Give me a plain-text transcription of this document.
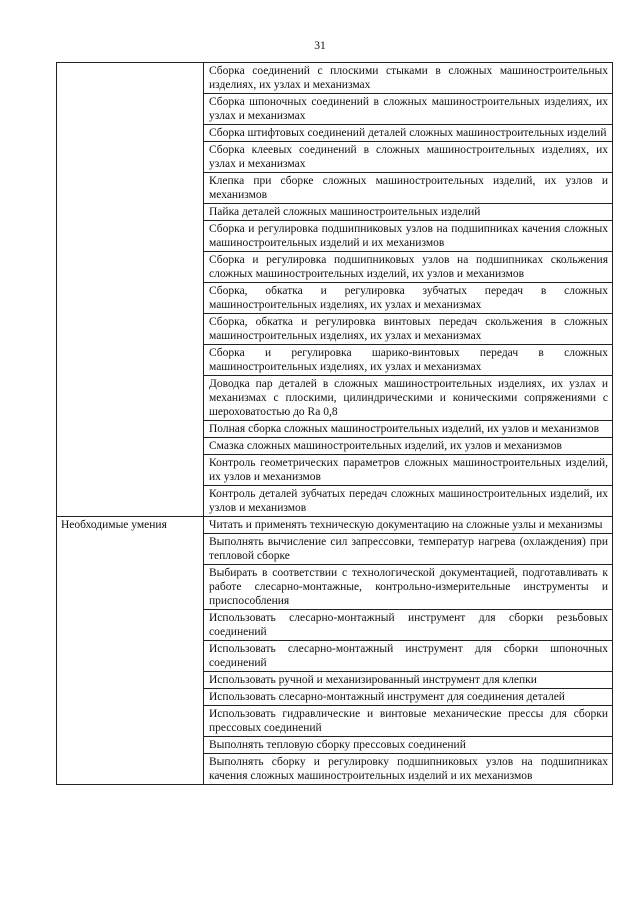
31

	Сборка соединений с плоскими стыками в сложных машиностроительных изделиях, их узлах и механизмах

	Сборка шпоночных соединений в сложных машиностроительных изделиях, их узлах и механизмах

	Сборка штифтовых соединений деталей сложных машиностроительных изделий

	Сборка клеевых соединений в сложных машиностроительных изделиях, их узлах и механизмах

	Клепка при сборке сложных машиностроительных изделий, их узлов и механизмов

	Пайка деталей сложных машиностроительных изделий

	Сборка и регулировка подшипниковых узлов на подшипниках качения сложных машиностроительных изделий и их механизмов

	Сборка и регулировка подшипниковых узлов на подшипниках скольжения сложных машиностроительных изделий, их узлов и механизмов

	Сборка, обкатка и регулировка зубчатых передач в сложных машиностроительных изделиях, их узлах и механизмах

	Сборка, обкатка и регулировка винтовых передач скольжения в сложных машиностроительных изделиях, их узлах и механизмах

	Сборка и регулировка шарико-винтовых передач в сложных машиностроительных изделиях, их узлах и механизмах

	Доводка пар деталей в сложных машиностроительных изделиях, их узлах и механизмах с плоскими, цилиндрическими и коническими сопряжениями с шероховатостью до Ra 0,8

	Полная сборка сложных машиностроительных изделий, их узлов и механизмов

	Смазка сложных машиностроительных изделий, их узлов и механизмов

	Контроль геометрических параметров сложных машиностроительных изделий, их узлов и механизмов

	Контроль деталей зубчатых передач сложных машиностроительных изделий, их узлов и механизмов

Необходимые умения	Читать и применять техническую документацию на сложные узлы и механизмы

	Выполнять вычисление сил запрессовки, температур нагрева (охлаждения) при тепловой сборке

	Выбирать в соответствии с технологической документацией, подготавливать к работе слесарно-монтажные, контрольно-измерительные инструменты и приспособления

	Использовать слесарно-монтажный инструмент для сборки резьбовых соединений

	Использовать слесарно-монтажный инструмент для сборки шпоночных соединений

	Использовать ручной и механизированный инструмент для клепки

	Использовать слесарно-монтажный инструмент для соединения деталей

	Использовать гидравлические и винтовые механические прессы для сборки прессовых соединений

	Выполнять тепловую сборку прессовых соединений

	Выполнять сборку и регулировку подшипниковых узлов на подшипниках качения сложных машиностроительных изделий и их механизмов
